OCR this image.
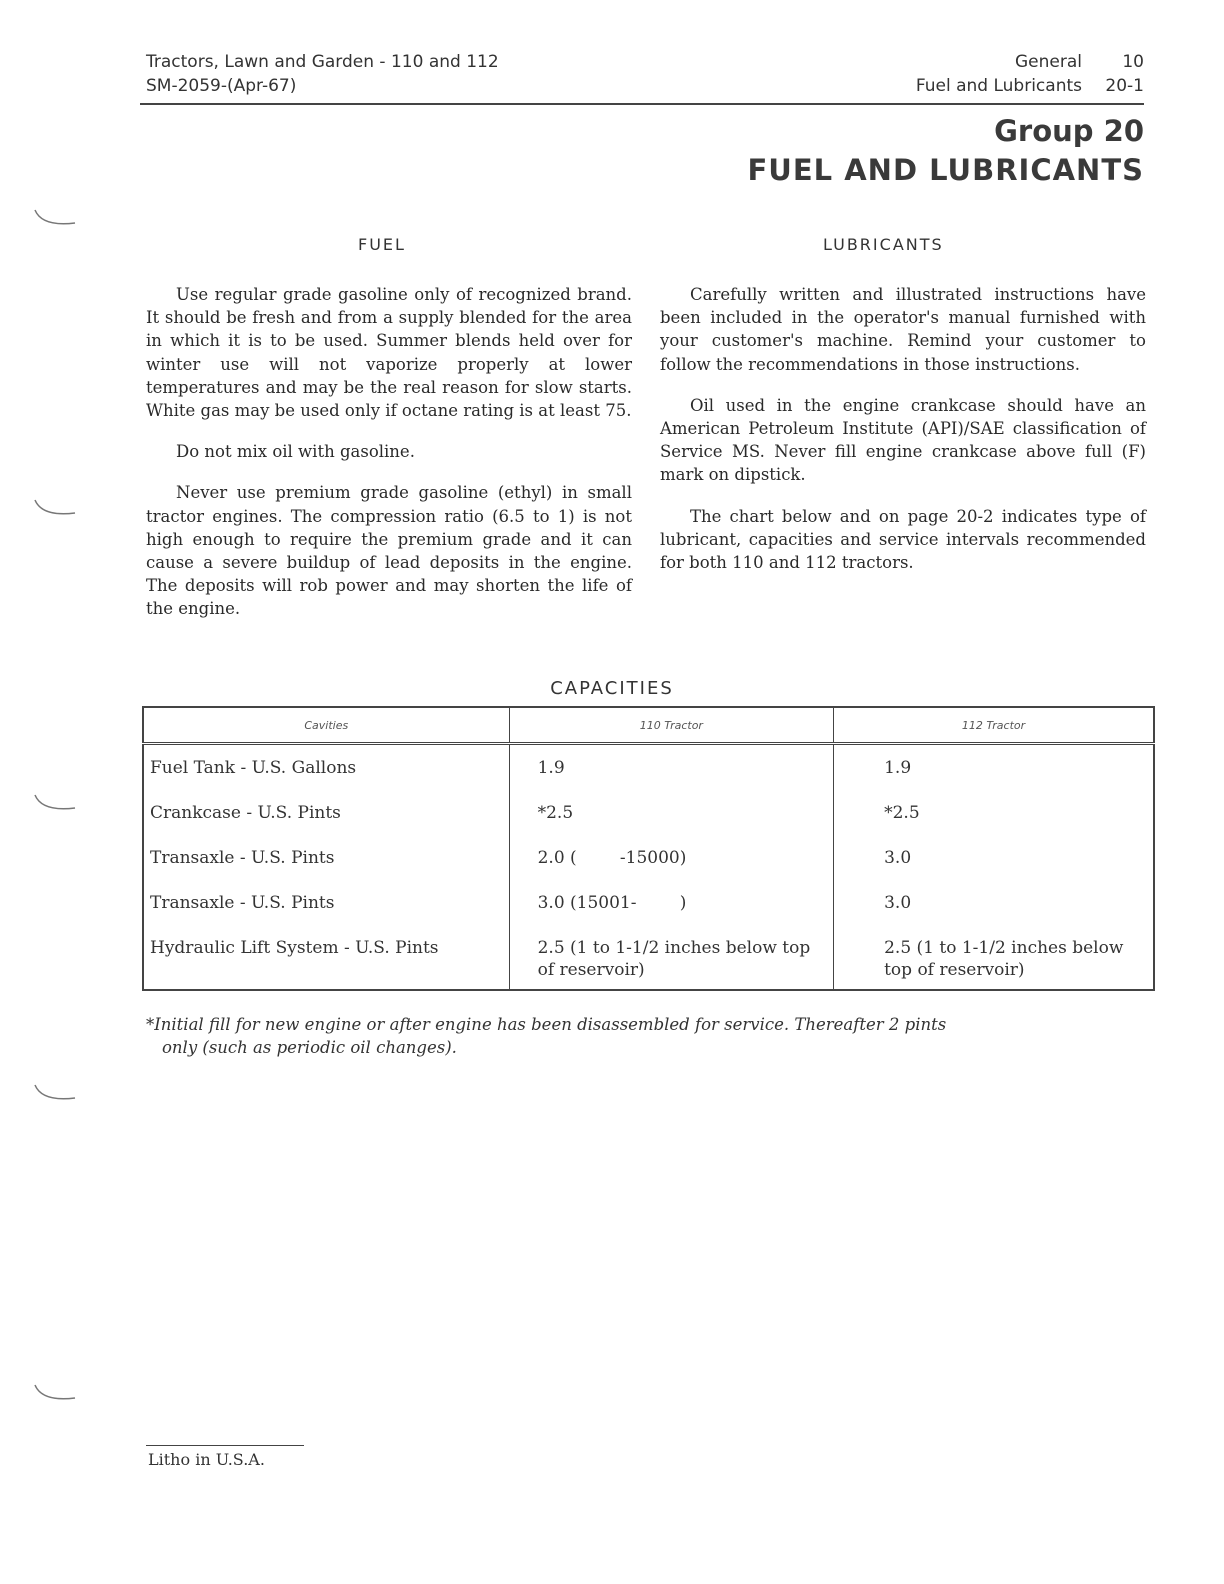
Tractors, Lawn and Garden - 110 and 112
SM-2059-(Apr-67)
General	10
Fuel and Lubricants	20-1
Group 20
FUEL AND LUBRICANTS
FUEL	LUBRICANTS

Use regular grade gasoline only of recognized brand. It should be fresh and from a supply blended for the area in which it is to be used. Summer blends held over for winter use will not vaporize properly at lower temperatures and may be the real reason for slow starts. White gas may be used only if octane rating is at least 75.

Do not mix oil with gasoline.

Never use premium grade gasoline (ethyl) in small tractor engines. The compression ratio (6.5 to 1) is not high enough to require the premium grade and it can cause a severe buildup of lead deposits in the engine. The deposits will rob power and may shorten the life of the engine.

Carefully written and illustrated instructions have been included in the operator's manual furnished with your customer's machine. Remind your customer to follow the recommendations in those instructions.

Oil used in the engine crankcase should have an American Petroleum Institute (API)/SAE classification of Service MS. Never fill engine crankcase above full (F) mark on dipstick.

The chart below and on page 20-2 indicates type of lubricant, capacities and service intervals recommended for both 110 and 112 tractors.

CAPACITIES
Cavities	110 Tractor	112 Tractor
Fuel Tank - U.S. Gallons	1.9	1.9
Crankcase - U.S. Pints	*2.5	*2.5
Transaxle - U.S. Pints	2.0 (        -15000)	3.0
Transaxle - U.S. Pints	3.0 (15001-        )	3.0
Hydraulic Lift System - U.S. Pints	2.5 (1 to 1-1/2 inches below top of reservoir)	2.5 (1 to 1-1/2 inches below top of reservoir)
*Initial fill for new engine or after engine has been disassembled for service. Thereafter 2 pints
only (such as periodic oil changes).
Litho in U.S.A.
